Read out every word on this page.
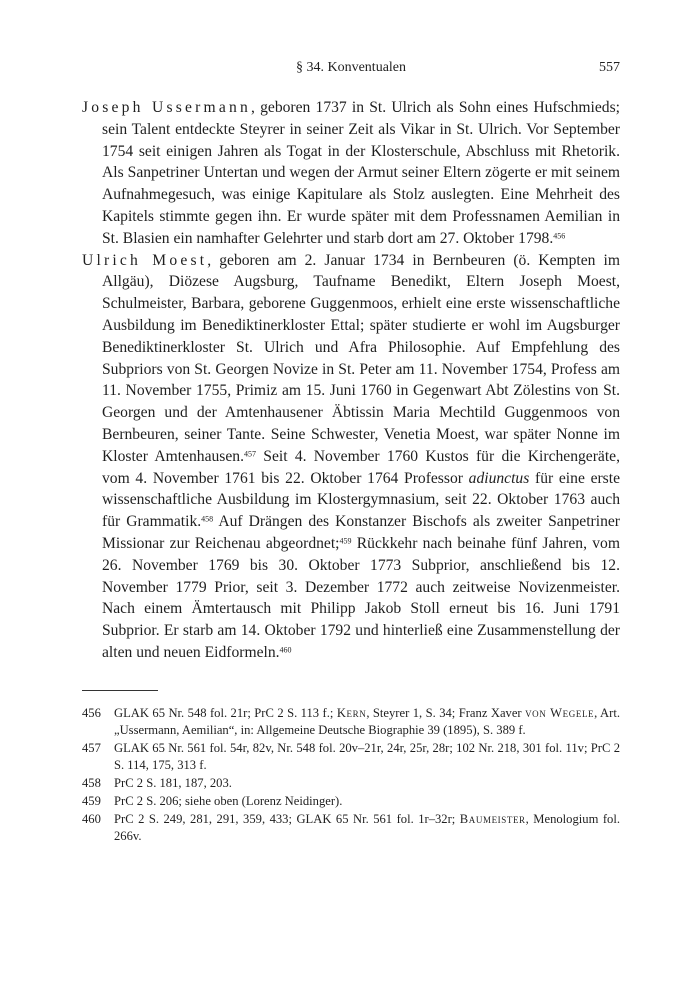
§ 34. Konventualen	557

Joseph Ussermann, geboren 1737 in St. Ulrich als Sohn eines Hufschmieds; sein Talent entdeckte Steyrer in seiner Zeit als Vikar in St. Ulrich. Vor September 1754 seit einigen Jahren als Togat in der Klosterschule, Abschluss mit Rhetorik. Als Sanpetriner Untertan und wegen der Armut seiner Eltern zögerte er mit seinem Aufnahmegesuch, was einige Kapitulare als Stolz auslegten. Eine Mehrheit des Kapitels stimmte gegen ihn. Er wurde später mit dem Professnamen Aemilian in St. Blasien ein namhafter Gelehrter und starb dort am 27. Oktober 1798.$^{456}$

Ulrich Moest, geboren am 2. Januar 1734 in Bernbeuren (ö. Kempten im Allgäu), Diözese Augsburg, Taufname Benedikt, Eltern Joseph Moest, Schulmeister, Barbara, geborene Guggenmoos, erhielt eine erste wissenschaftliche Ausbildung im Benediktinerkloster Ettal; später studierte er wohl im Augsburger Benediktinerkloster St. Ulrich und Afra Philosophie. Auf Empfehlung des Subpriors von St. Georgen Novize in St. Peter am 11. November 1754, Profess am 11. November 1755, Primiz am 15. Juni 1760 in Gegenwart Abt Zölestins von St. Georgen und der Amtenhausener Äbtissin Maria Mechtild Guggenmoos von Bernbeuren, seiner Tante. Seine Schwester, Venetia Moest, war später Nonne im Kloster Amtenhausen.$^{457}$ Seit 4. November 1760 Kustos für die Kirchengeräte, vom 4. November 1761 bis 22. Oktober 1764 Professor adiunctus für eine erste wissenschaftliche Ausbildung im Klostergymnasium, seit 22. Oktober 1763 auch für Grammatik.$^{458}$ Auf Drängen des Konstanzer Bischofs als zweiter Sanpetriner Missionar zur Reichenau abgeordnet;$^{459}$ Rückkehr nach beinahe fünf Jahren, vom 26. November 1769 bis 30. Oktober 1773 Subprior, anschließend bis 12. November 1779 Prior, seit 3. Dezember 1772 auch zeitweise Novizenmeister. Nach einem Ämtertausch mit Philipp Jakob Stoll erneut bis 16. Juni 1791 Subprior. Er starb am 14. Oktober 1792 und hinterließ eine Zusammenstellung der alten und neuen Eidformeln.$^{460}$

456	GLAK 65 Nr. 548 fol. 21r; PrC 2 S. 113 f.; Kern, Steyrer 1, S. 34; Franz Xaver von Wegele, Art. „Ussermann, Aemilian“, in: Allgemeine Deutsche Biographie 39 (1895), S. 389 f.
457	GLAK 65 Nr. 561 fol. 54r, 82v, Nr. 548 fol. 20v–21r, 24r, 25r, 28r; 102 Nr. 218, 301 fol. 11v; PrC 2 S. 114, 175, 313 f.
458	PrC 2 S. 181, 187, 203.
459	PrC 2 S. 206; siehe oben (Lorenz Neidinger).
460	PrC 2 S. 249, 281, 291, 359, 433; GLAK 65 Nr. 561 fol. 1r–32r; Baumeister, Menologium fol. 266v.
